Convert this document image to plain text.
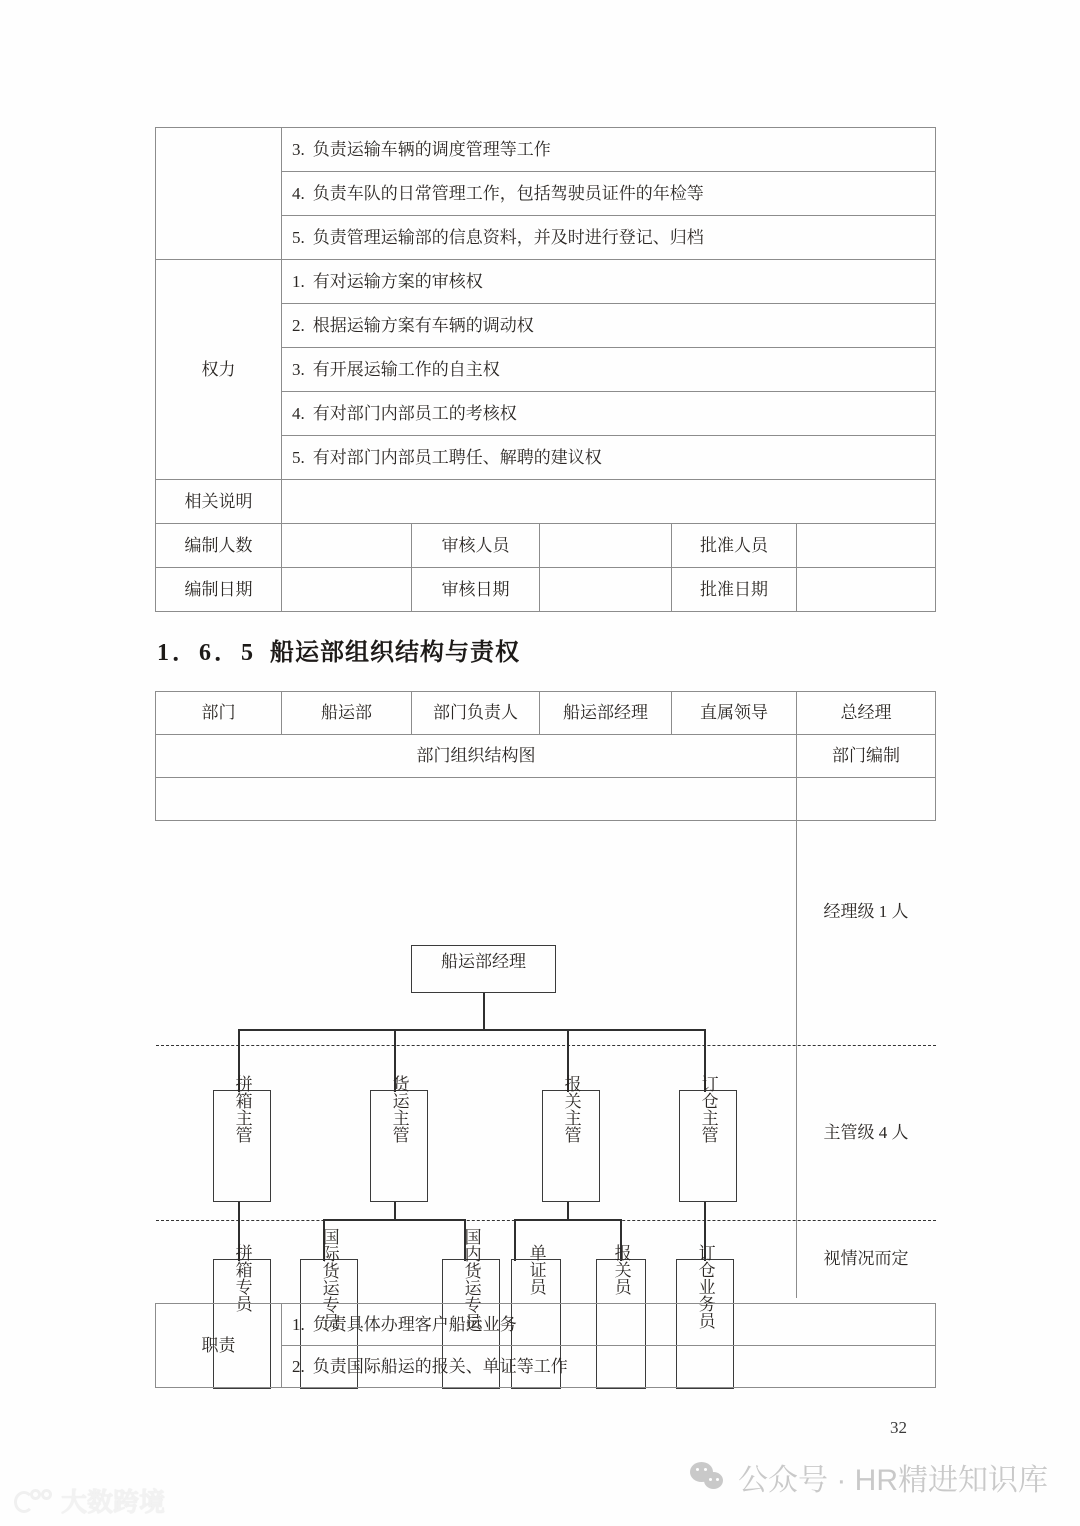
	3. 负责运输车辆的调度管理等工作				
	4. 负责车队的日常管理工作，包括驾驶员证件的年检等				
	5. 负责管理运输部的信息资料，并及时进行登记、归档				
权力	1. 有对运输方案的审核权				
	2. 根据运输方案有车辆的调动权				
	3. 有开展运输工作的自主权				
	4. 有对部门内部员工的考核权				
	5. 有对部门内部员工聘任、解聘的建议权				
相关说明					
编制人数		审核人员		批准人员	
编制日期		审核日期		批准日期	
1．6．5 船运部组织结构与责权
部门	船运部	部门负责人	船运部经理	直属领导	总经理
部门组织结构图					部门编制

经理级 1 人
主管级 4 人
视情况而定
船运部经理
拼箱主管	货运主管	报关主管	订仓主管
拼箱专员	国际货运专员	国内货运专员	单证员	报关员	订仓业务员
职责	1. 负责具体办理客户船运业务
2. 负责国际船运的报关、单证等工作
32
公众号 · HR精进知识库
大数跨境
